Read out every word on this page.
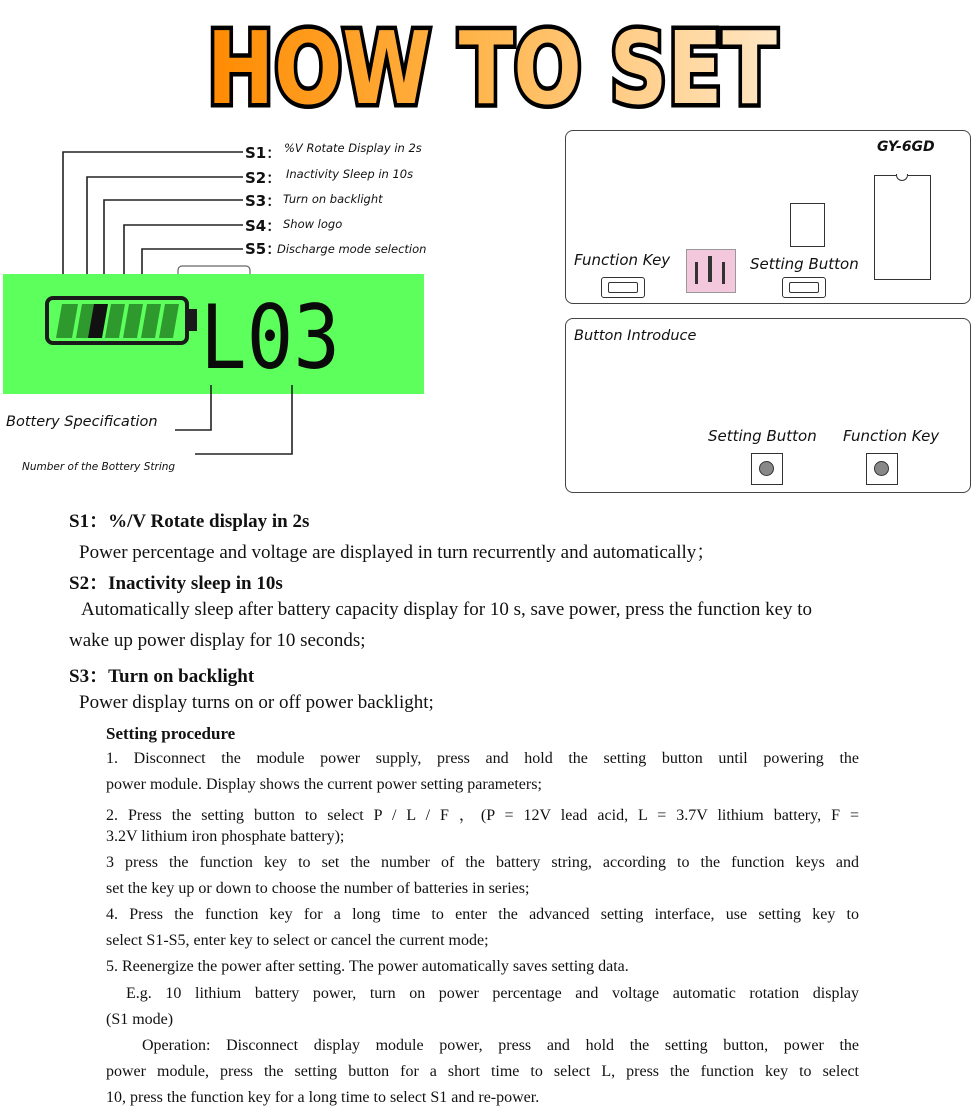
HOW TO SET
S1： %V Rotate Display in 2s
S2： Inactivity Sleep in 10s
S3： Turn on backlight
S4： Show logo
S5：
Discharge mode selection
L03
Bottery Specification
Number of the Bottery String
GY-6GD
Function Key	Setting Button
Button Introduce
Setting Button Function Key
S1：%/V Rotate display in 2s
Power percentage and voltage are displayed in turn recurrently and automatically；
S2：Inactivity sleep in 10s
Automatically sleep after battery capacity display for 10 s, save power, press the function key to
wake up power display for 10 seconds;
S3：Turn on backlight
Power display turns on or off power backlight;
Setting procedure
1. Disconnect the module power supply, press and hold the setting button until powering the
power module. Display shows the current power setting parameters;
2. Press the setting button to select P / L / F ，(P = 12V lead acid, L = 3.7V lithium battery, F =
3.2V lithium iron phosphate battery);
3 press the function key to set the number of the battery string, according to the function keys and
set the key up or down to choose the number of batteries in series;
4. Press the function key for a long time to enter the advanced setting interface, use setting key to
select S1-S5, enter key to select or cancel the current mode;
5. Reenergize the power after setting. The power automatically saves setting data.
E.g. 10 lithium battery power, turn on power percentage and voltage automatic rotation display
(S1 mode)
Operation: Disconnect display module power, press and hold the setting button, power the
power module, press the setting button for a short time to select L, press the function key to select
10, press the function key for a long time to select S1 and re-power.
